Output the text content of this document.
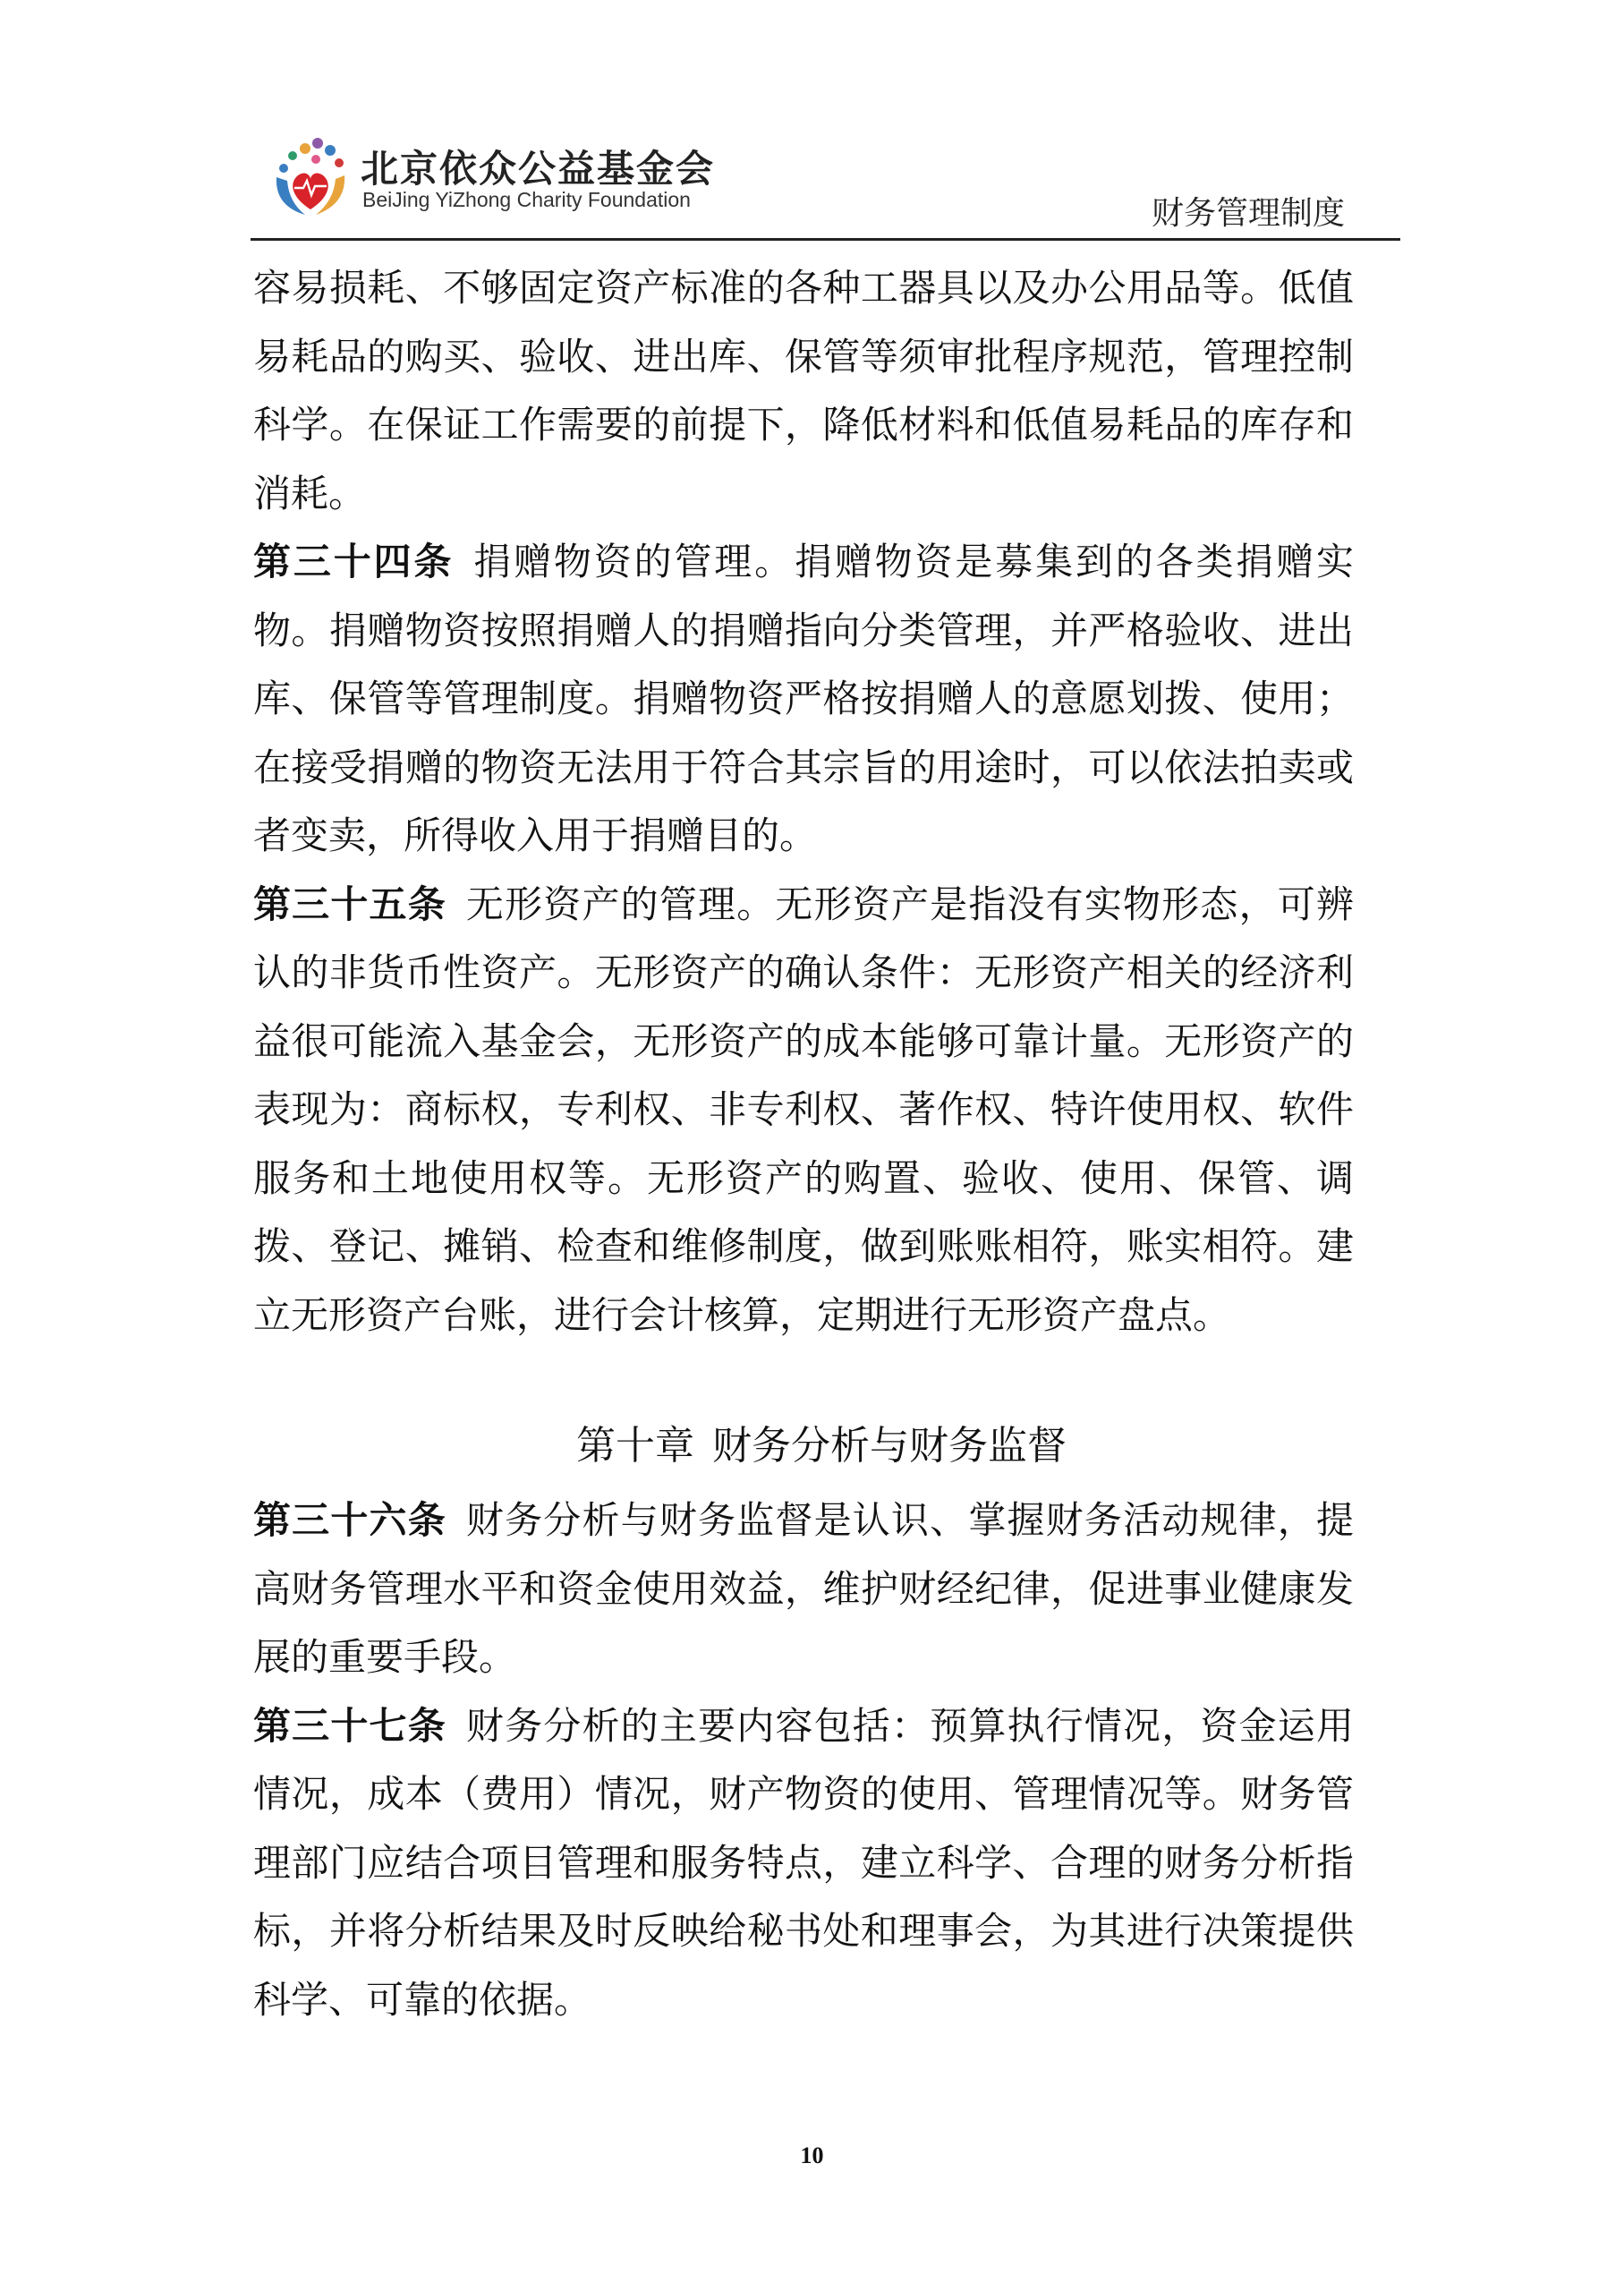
北京依众公益基金会
BeiJing YiZhong Charity Foundation	财务管理制度

容易损耗、不够固定资产标准的各种工器具以及办公用品等。低值易耗品的购买、验收、进出库、保管等须审批程序规范，管理控制科学。在保证工作需要的前提下，降低材料和低值易耗品的库存和消耗。

第三十四条 捐赠物资的管理。捐赠物资是募集到的各类捐赠实物。捐赠物资按照捐赠人的捐赠指向分类管理，并严格验收、进出库、保管等管理制度。捐赠物资严格按捐赠人的意愿划拨、使用；在接受捐赠的物资无法用于符合其宗旨的用途时，可以依法拍卖或者变卖，所得收入用于捐赠目的。

第三十五条 无形资产的管理。无形资产是指没有实物形态，可辨认的非货币性资产。无形资产的确认条件：无形资产相关的经济利益很可能流入基金会，无形资产的成本能够可靠计量。无形资产的表现为：商标权，专利权、非专利权、著作权、特许使用权、软件服务和土地使用权等。无形资产的购置、验收、使用、保管、调拨、登记、摊销、检查和维修制度，做到账账相符，账实相符。建立无形资产台账，进行会计核算，定期进行无形资产盘点。

第十章 财务分析与财务监督

第三十六条 财务分析与财务监督是认识、掌握财务活动规律，提高财务管理水平和资金使用效益，维护财经纪律，促进事业健康发展的重要手段。

第三十七条 财务分析的主要内容包括：预算执行情况，资金运用情况，成本（费用）情况，财产物资的使用、管理情况等。财务管理部门应结合项目管理和服务特点，建立科学、合理的财务分析指标，并将分析结果及时反映给秘书处和理事会，为其进行决策提供科学、可靠的依据。

10
